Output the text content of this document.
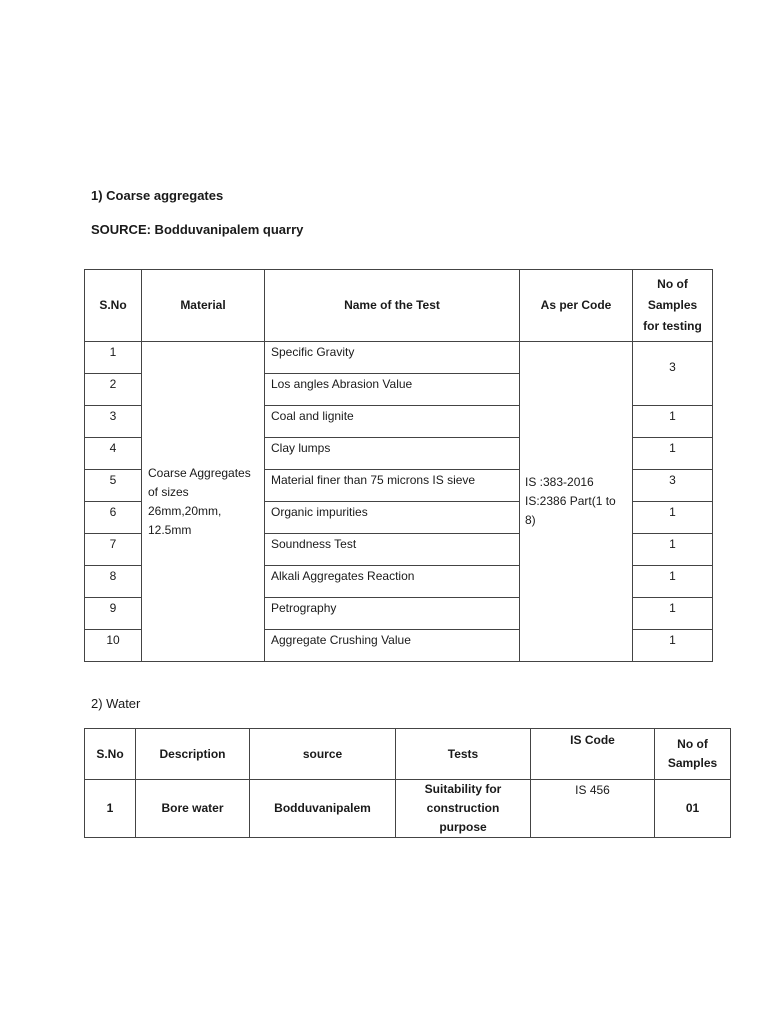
1) Coarse aggregates

SOURCE: Bodduvanipalem quarry

S.No	Material	Name of the Test	As per Code	No of Samples for testing
1	Coarse Aggregates of sizes 26mm,20mm, 12.5mm	Specific Gravity	IS :383-2016 IS:2386 Part(1 to 8)	3
2		Los angles Abrasion Value		
3		Coal and lignite		1
4		Clay lumps		1
5		Material finer than 75 microns IS sieve		3
6		Organic impurities		1
7		Soundness Test		1
8		Alkali Aggregates Reaction		1
9		Petrography		1
10		Aggregate Crushing Value		1

2) Water

S.No	Description	source	Tests	IS Code	No of Samples
1	Bore water	Bodduvanipalem	Suitability for construction purpose	IS 456	01
